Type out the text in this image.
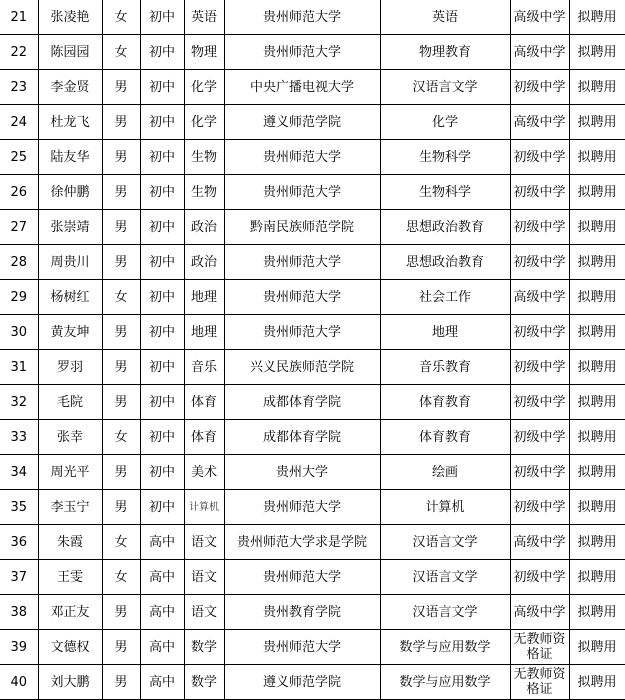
21	张凌艳	女	初中	英语	贵州师范大学	英语	高级中学	拟聘用
22	陈园园	女	初中	物理	贵州师范大学	物理教育	高级中学	拟聘用
23	李金贤	男	初中	化学	中央广播电视大学	汉语言文学	初级中学	拟聘用
24	杜龙飞	男	初中	化学	遵义师范学院	化学	高级中学	拟聘用
25	陆友华	男	初中	生物	贵州师范大学	生物科学	初级中学	拟聘用
26	徐仲鹏	男	初中	生物	贵州师范大学	生物科学	初级中学	拟聘用
27	张崇靖	男	初中	政治	黔南民族师范学院	思想政治教育	初级中学	拟聘用
28	周贵川	男	初中	政治	贵州师范大学	思想政治教育	初级中学	拟聘用
29	杨树红	女	初中	地理	贵州师范大学	社会工作	高级中学	拟聘用
30	黄友坤	男	初中	地理	贵州师范大学	地理	初级中学	拟聘用
31	罗羽	男	初中	音乐	兴义民族师范学院	音乐教育	初级中学	拟聘用
32	毛院	男	初中	体育	成都体育学院	体育教育	初级中学	拟聘用
33	张幸	女	初中	体育	成都体育学院	体育教育	初级中学	拟聘用
34	周光平	男	初中	美术	贵州大学	绘画	初级中学	拟聘用
35	李玉宁	男	初中	计算机	贵州师范大学	计算机	初级中学	拟聘用
36	朱霞	女	高中	语文	贵州师范大学求是学院	汉语言文学	高级中学	拟聘用
37	王雯	女	高中	语文	贵州师范大学	汉语言文学	初级中学	拟聘用
38	邓正友	男	高中	语文	贵州教育学院	汉语言文学	高级中学	拟聘用
39	文德权	男	高中	数学	贵州师范大学	数学与应用数学	无教师资格证	拟聘用
40	刘大鹏	男	高中	数学	遵义师范学院	数学与应用数学	无教师资格证	拟聘用
